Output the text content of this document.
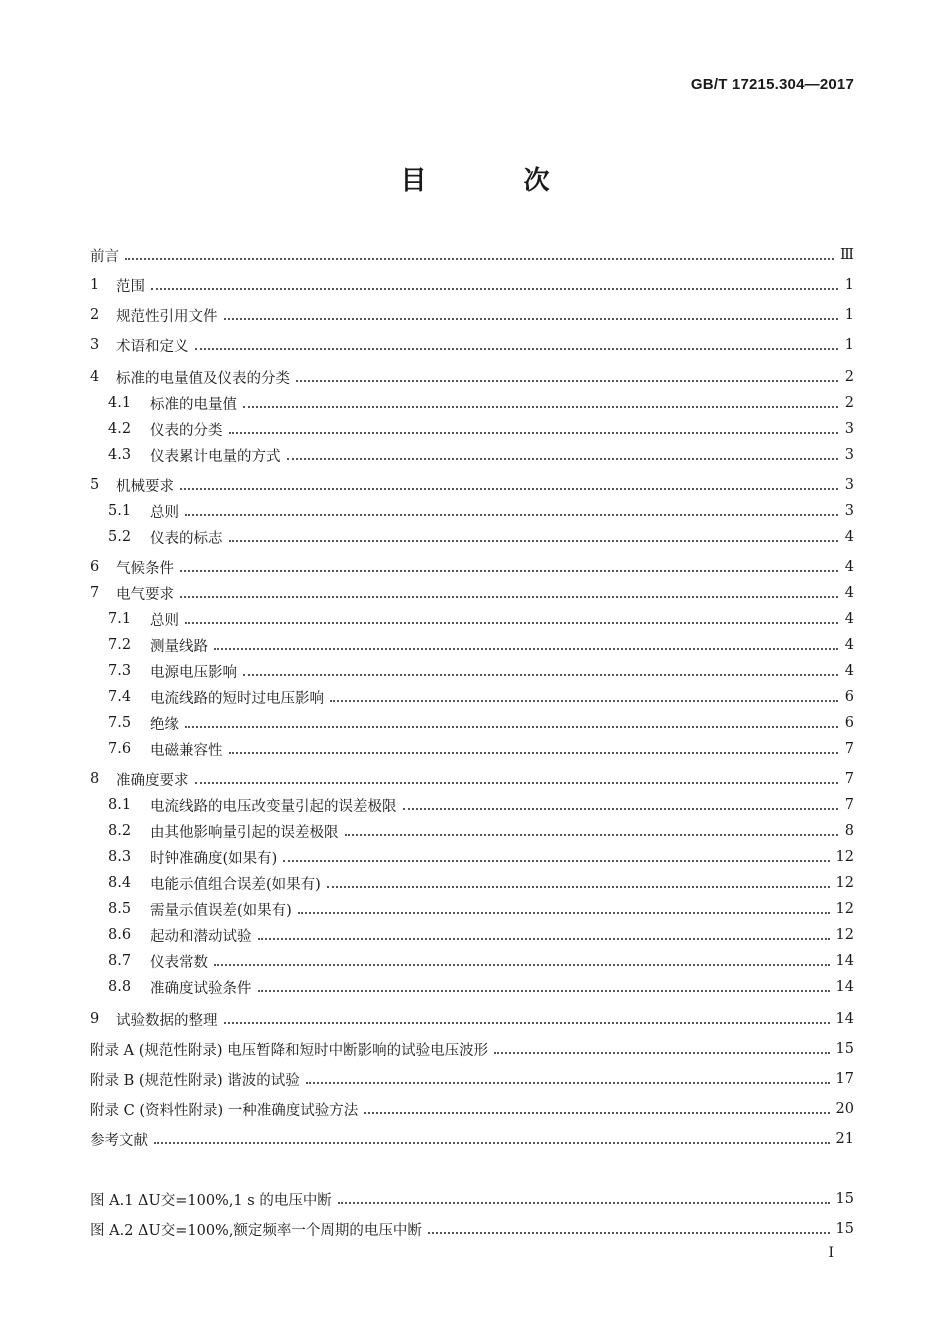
GB/T 17215.304—2017
目 次
前言	Ⅲ
1	范围	1
2	规范性引用文件	1
3	术语和定义	1
4	标准的电量值及仪表的分类	2
4.1	标准的电量值	2
4.2	仪表的分类	3
4.3	仪表累计电量的方式	3
5	机械要求	3
5.1	总则	3
5.2	仪表的标志	4
6	气候条件	4
7	电气要求	4
7.1	总则	4
7.2	测量线路	4
7.3	电源电压影响	4
7.4	电流线路的短时过电压影响	6
7.5	绝缘	6
7.6	电磁兼容性	7
8	准确度要求	7
8.1	电流线路的电压改变量引起的误差极限	7
8.2	由其他影响量引起的误差极限	8
8.3	时钟准确度(如果有)	12
8.4	电能示值组合误差(如果有)	12
8.5	需量示值误差(如果有)	12
8.6	起动和潜动试验	12
8.7	仪表常数	14
8.8	准确度试验条件	14
9	试验数据的整理	14
附录 A (规范性附录) 电压暂降和短时中断影响的试验电压波形	15
附录 B (规范性附录) 谐波的试验	17
附录 C (资料性附录) 一种准确度试验方法	20
参考文献	21
图 A.1 ΔU交=100%,1 s 的电压中断	15
图 A.2 ΔU交=100%,额定频率一个周期的电压中断	15
I
